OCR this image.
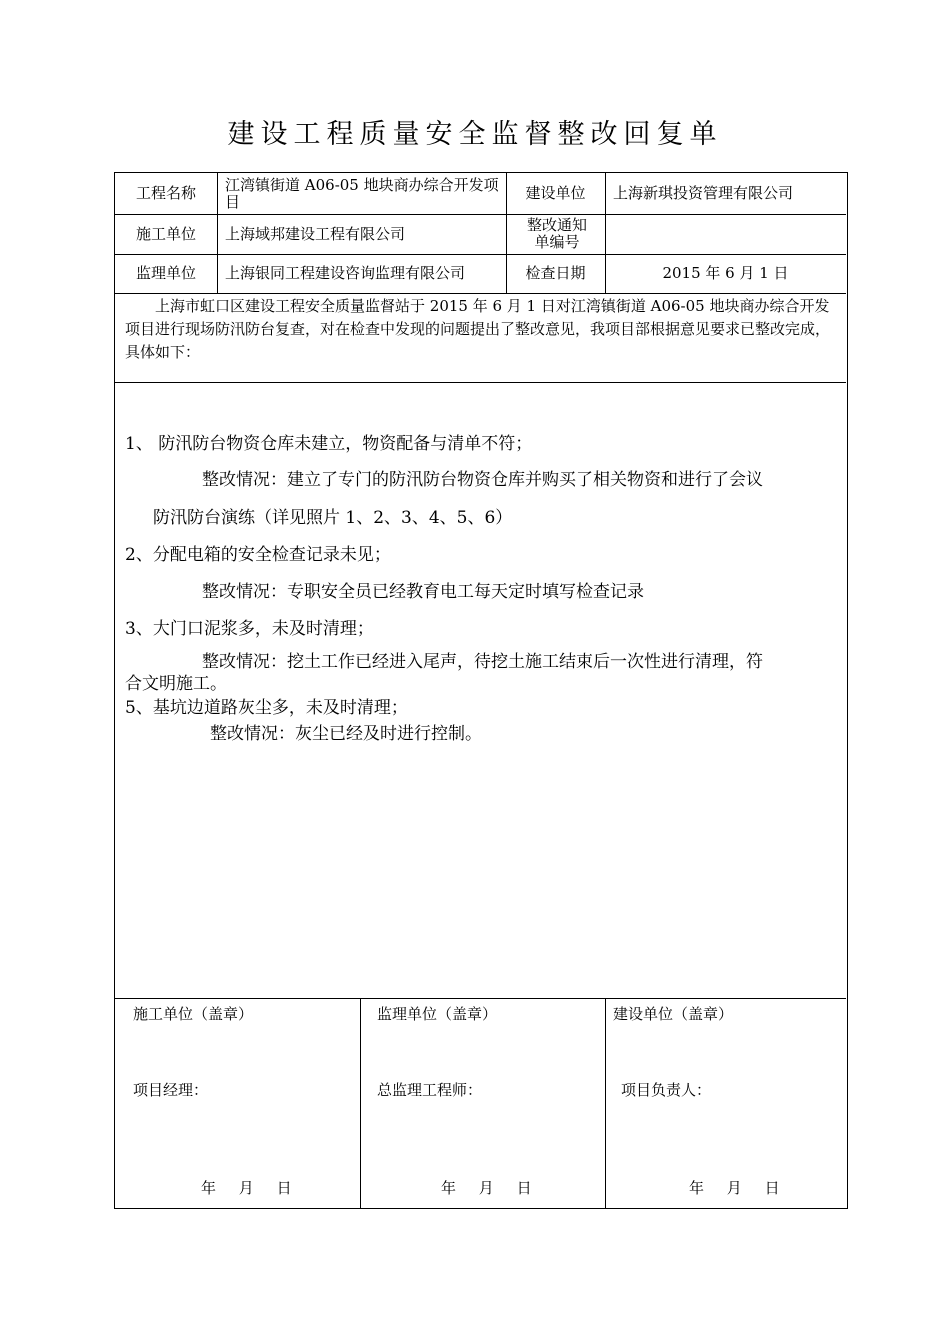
建设工程质量安全监督整改回复单
工程名称	江湾镇街道 A06-05 地块商办综合开发项目	建设单位	上海新琪投资管理有限公司
施工单位	上海域邦建设工程有限公司	整改通知单编号
监理单位	上海银同工程建设咨询监理有限公司	检查日期	2015 年 6 月 1 日
上海市虹口区建设工程安全质量监督站于 2015 年 6 月 1 日对江湾镇街道 A06-05 地块商办综合开发项目进行现场防汛防台复查，对在检查中发现的问题提出了整改意见，我项目部根据意见要求已整改完成，具体如下：
1、 防汛防台物资仓库未建立，物资配备与清单不符；
整改情况：建立了专门的防汛防台物资仓库并购买了相关物资和进行了会议
防汛防台演练（详见照片 1、2、3、4、5、6）
2、分配电箱的安全检查记录未见；
整改情况：专职安全员已经教育电工每天定时填写检查记录
3、大门口泥浆多，未及时清理；
整改情况：挖土工作已经进入尾声，待挖土施工结束后一次性进行清理，符
合文明施工。
5、基坑边道路灰尘多，未及时清理；
整改情况：灰尘已经及时进行控制。
施工单位（盖章）
项目经理：
年 月 日
监理单位（盖章）
总监理工程师：
年 月 日
建设单位（盖章）
项目负责人：
年 月 日
